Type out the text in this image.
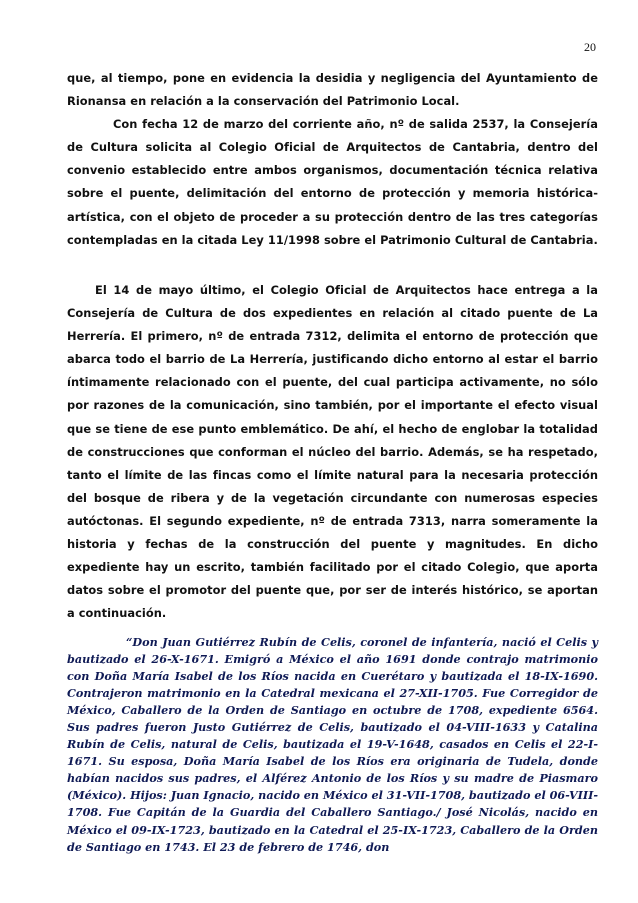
20

que, al tiempo, pone en evidencia la desidia y negligencia del Ayuntamiento de Rionansa en relación a la conservación del Patrimonio Local.

Con fecha 12 de marzo del corriente año, nº de salida 2537, la Consejería de Cultura solicita al Colegio Oficial de Arquitectos de Cantabria, dentro del convenio establecido entre ambos organismos, documentación técnica relativa sobre el puente, delimitación del entorno de protección y memoria histórica-artística, con el objeto de proceder a su protección dentro de las tres categorías contempladas en la citada Ley 11/1998 sobre el Patrimonio Cultural de Cantabria.

El 14 de mayo último, el Colegio Oficial de Arquitectos hace entrega a la Consejería de Cultura de dos expedientes en relación al citado puente de La Herrería. El primero, nº de entrada 7312, delimita el entorno de protección que abarca todo el barrio de La Herrería, justificando dicho entorno al estar el barrio íntimamente relacionado con el puente, del cual participa activamente, no sólo por razones de la comunicación, sino también, por el importante el efecto visual que se tiene de ese punto emblemático. De ahí, el hecho de englobar la totalidad de construcciones que conforman el núcleo del barrio. Además, se ha respetado, tanto el límite de las fincas como el límite natural para la necesaria protección del bosque de ribera y de la vegetación circundante con numerosas especies autóctonas. El segundo expediente, nº de entrada 7313, narra someramente la historia y fechas de la construcción del puente y magnitudes. En dicho expediente hay un escrito, también facilitado por el citado Colegio, que aporta datos sobre el promotor del puente que, por ser de interés histórico, se aportan a continuación.

“Don Juan Gutiérrez Rubín de Celis, coronel de infantería, nació el Celis y bautizado el 26-X-1671. Emigró a México el año 1691 donde contrajo matrimonio con Doña María Isabel de los Ríos nacida en Cuerétaro y bautizada el 18-IX-1690. Contrajeron matrimonio en la Catedral mexicana el 27-XII-1705. Fue Corregidor de México, Caballero de la Orden de Santiago en octubre de 1708, expediente 6564. Sus padres fueron Justo Gutiérrez de Celis, bautizado el 04-VIII-1633 y Catalina Rubín de Celis, natural de Celis, bautizada el 19-V-1648, casados en Celis el 22-I-1671. Su esposa, Doña María Isabel de los Ríos era originaria de Tudela, donde habían nacidos sus padres, el Alférez Antonio de los Ríos y su madre de Piasmaro (México). Hijos: Juan Ignacio, nacido en México el 31-VII-1708, bautizado el 06-VIII-1708. Fue Capitán de la Guardia del Caballero Santiago./ José Nicolás, nacido en México el 09-IX-1723, bautizado en la Catedral el 25-IX-1723, Caballero de la Orden de Santiago en 1743. El 23 de febrero de 1746, don
